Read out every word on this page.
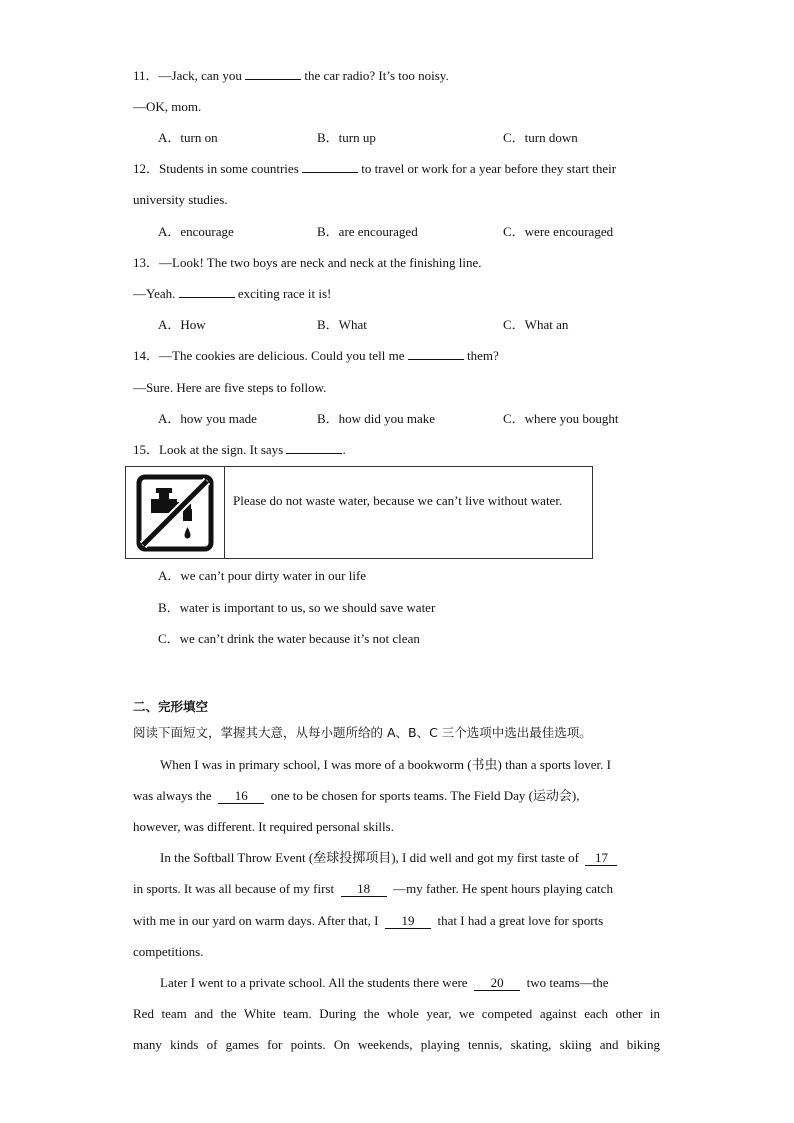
11．—Jack, can you	the car radio? It’s too noisy.
—OK, mom.
A．turn on	B．turn up	C．turn down
12．Students in some countries	to travel or work for a year before they start their
university studies.
A．encourage	B．are encouraged	C．were encouraged
13．—Look! The two boys are neck and neck at the finishing line.
—Yeah.	exciting race it is!
A．How	B．What	C．What an
14．—The cookies are delicious. Could you tell me	them?
—Sure. Here are five steps to follow.
A．how you made	B．how did you make	C．where you bought
15．Look at the sign. It says	.
Please do not waste water, because we can’t live without water.
A．we can’t pour dirty water in our life
B．water is important to us, so we should save water
C．we can’t drink the water because it’s not clean
二、完形填空
阅读下面短文，掌握其大意，从每小题所给的 A、B、C 三个选项中选出最佳选项。
When I was in primary school, I was more of a bookworm (书虫) than a sports lover. I
was always the 16 one to be chosen for sports teams. The Field Day (运动会),
however, was different. It required personal skills.
In the Softball Throw Event (垒球投掷项目), I did well and got my first taste of 17
in sports. It was all because of my first 18 —my father. He spent hours playing catch
with me in our yard on warm days. After that, I 19 that I had a great love for sports
competitions.
Later I went to a private school. All the students there were 20 two teams—the
Red team and the White team. During the whole year, we competed against each other in
many kinds of games for points. On weekends, playing tennis, skating, skiing and biking
